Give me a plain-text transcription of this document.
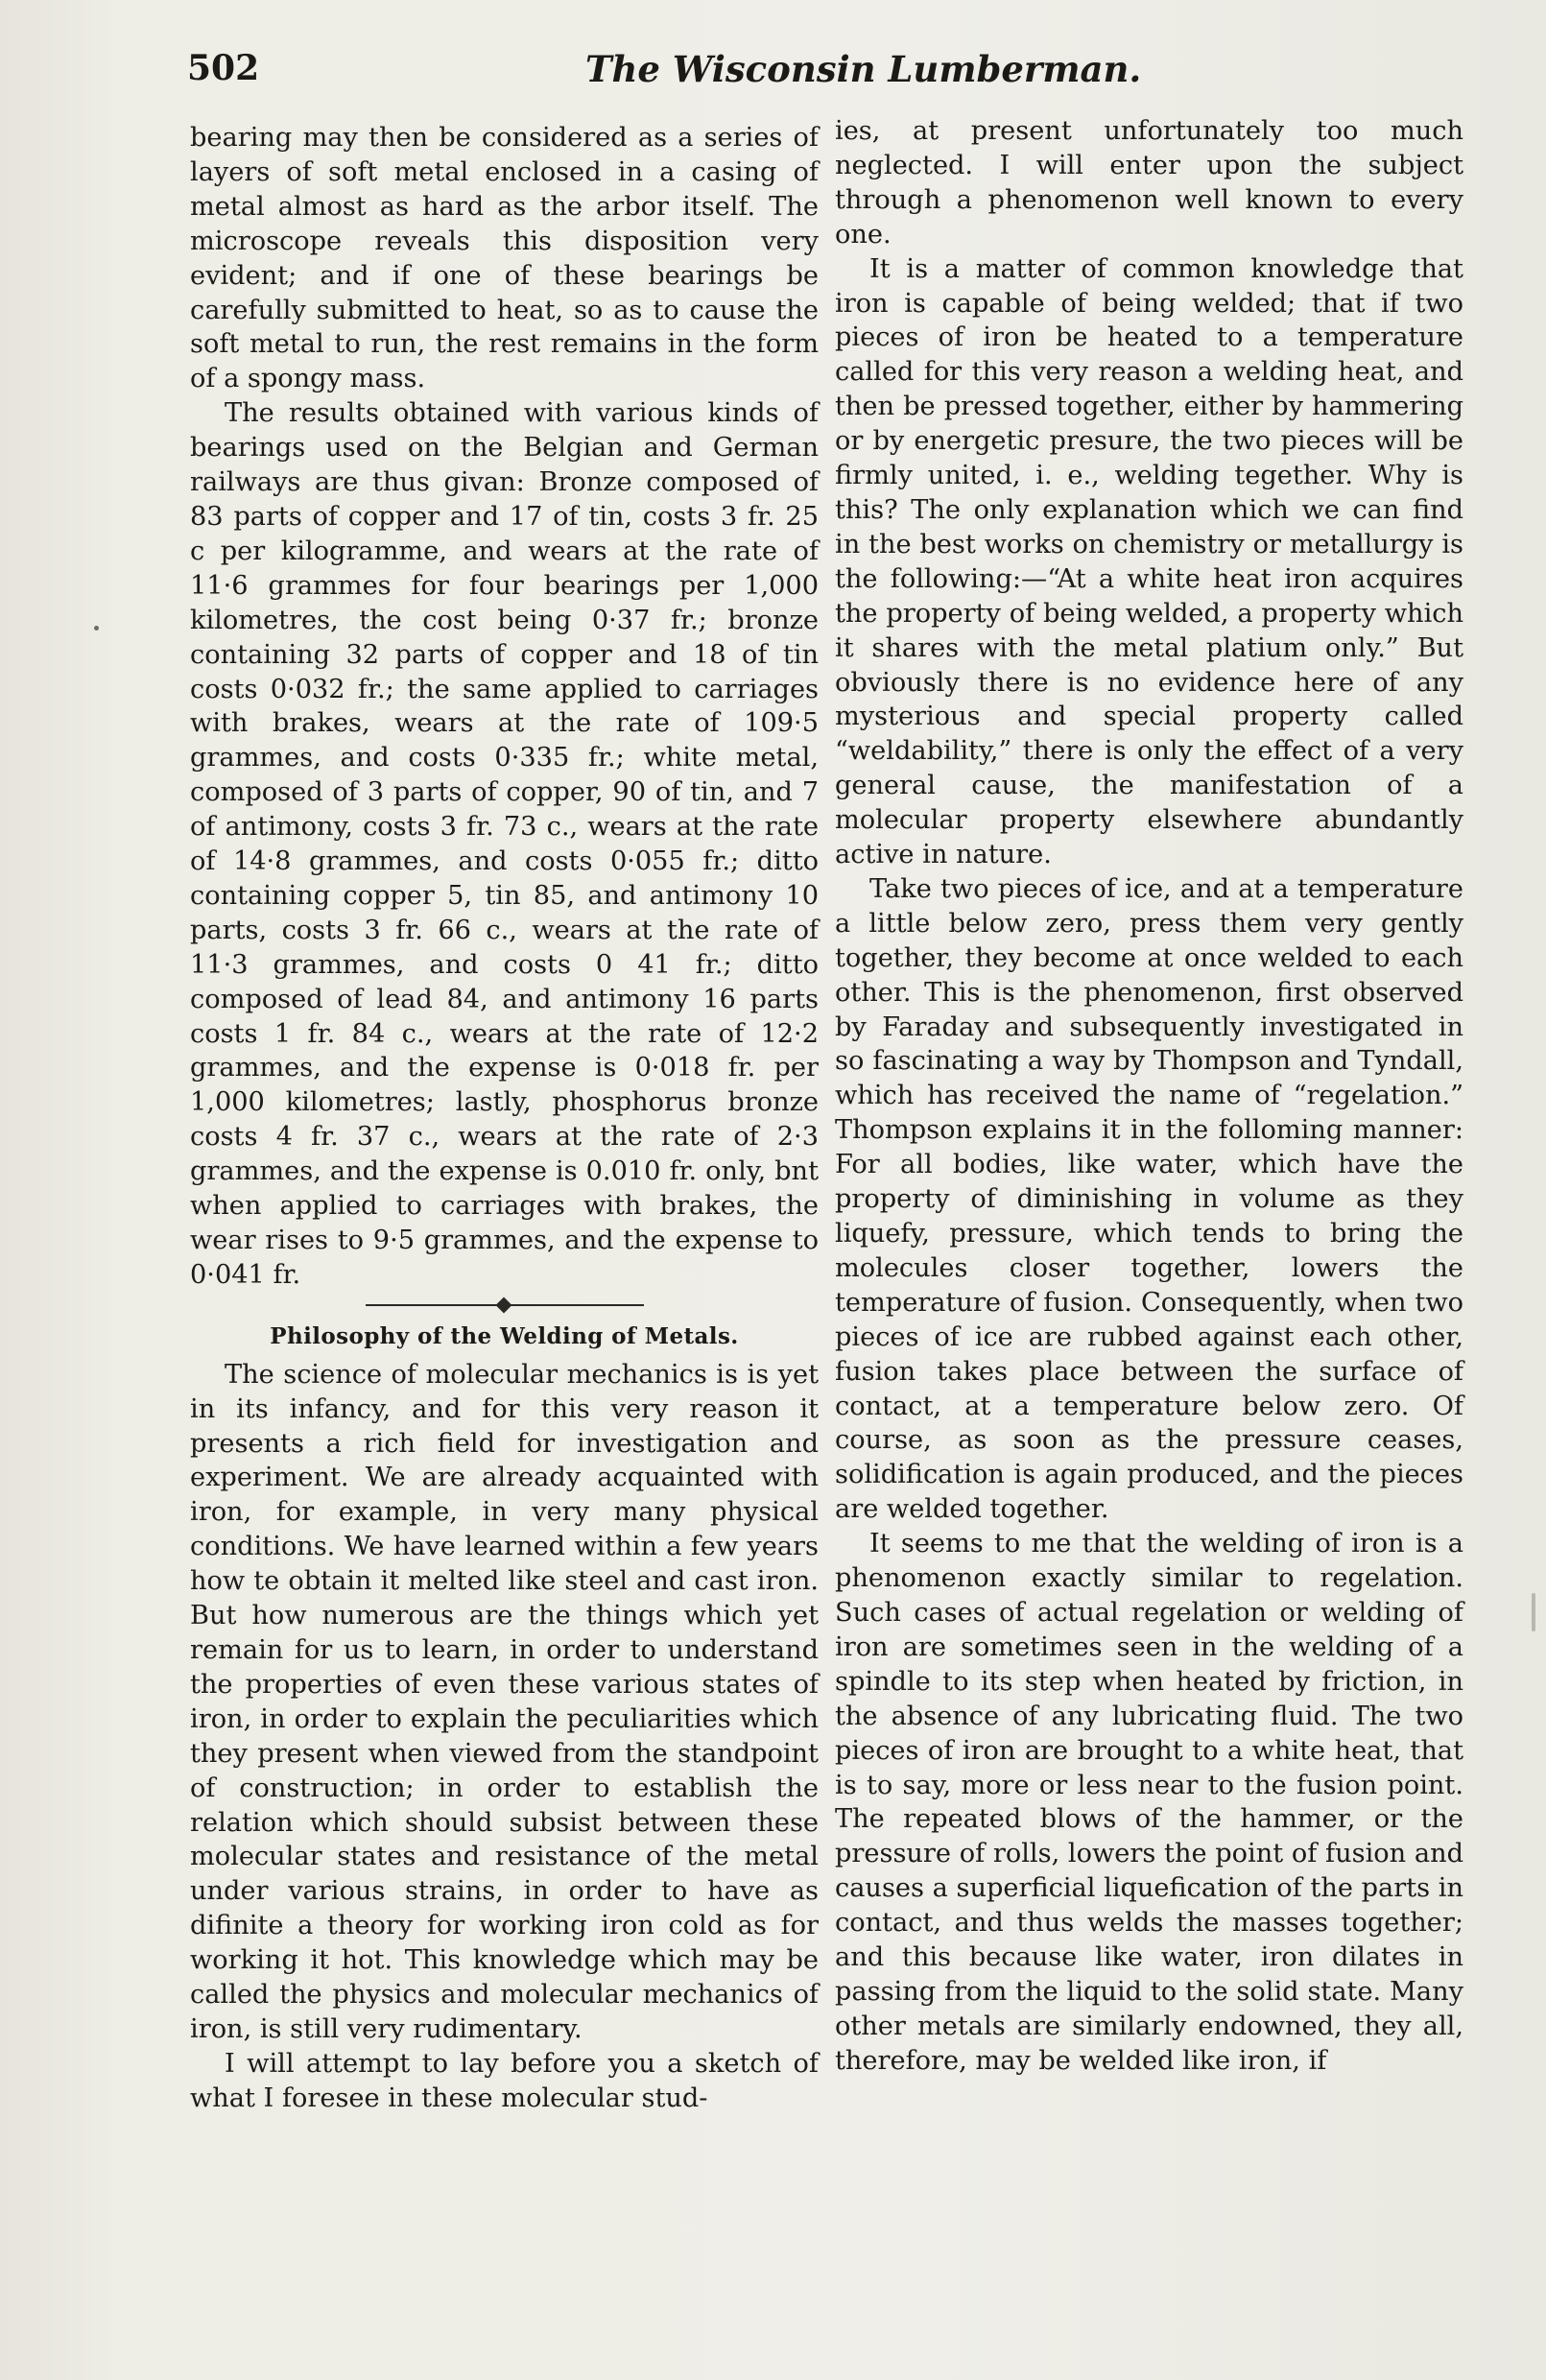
502	The Wisconsin Lumberman.

bearing may then be considered as a series of layers of soft metal enclosed in a casing of metal almost as hard as the arbor itself. The microscope reveals this disposition very evident; and if one of these bearings be carefully submitted to heat, so as to cause the soft metal to run, the rest remains in the form of a spongy mass.

The results obtained with various kinds of bearings used on the Belgian and German railways are thus givan: Bronze composed of 83 parts of copper and 17 of tin, costs 3 fr. 25 c per kilogramme, and wears at the rate of 11·6 grammes for four bearings per 1,000 kilometres, the cost being 0·37 fr.; bronze containing 32 parts of copper and 18 of tin costs 0·032 fr.; the same applied to carriages with brakes, wears at the rate of 109·5 grammes, and costs 0·335 fr.; white metal, composed of 3 parts of copper, 90 of tin, and 7 of antimony, costs 3 fr. 73 c., wears at the rate of 14·8 grammes, and costs 0·055 fr.; ditto containing copper 5, tin 85, and antimony 10 parts, costs 3 fr. 66 c., wears at the rate of 11·3 grammes, and costs 0 41 fr.; ditto composed of lead 84, and antimony 16 parts costs 1 fr. 84 c., wears at the rate of 12·2 grammes, and the expense is 0·018 fr. per 1,000 kilometres; lastly, phosphorus bronze costs 4 fr. 37 c., wears at the rate of 2·3 grammes, and the expense is 0.010 fr. only, bnt when applied to carriages with brakes, the wear rises to 9·5 grammes, and the expense to 0·041 fr.

Philosophy of the Welding of Metals.

The science of molecular mechanics is is yet in its infancy, and for this very reason it presents a rich field for investigation and experiment. We are already acquainted with iron, for example, in very many physical conditions. We have learned within a few years how te obtain it melted like steel and cast iron. But how numerous are the things which yet remain for us to learn, in order to understand the properties of even these various states of iron, in order to explain the peculiarities which they present when viewed from the standpoint of construction; in order to establish the relation which should subsist between these molecular states and resistance of the metal under various strains, in order to have as difinite a theory for working iron cold as for working it hot. This knowledge which may be called the physics and molecular mechanics of iron, is still very rudimentary.

I will attempt to lay before you a sketch of what I foresee in these molecular stud-

ies, at present unfortunately too much neglected. I will enter upon the subject through a phenomenon well known to every one.

It is a matter of common knowledge that iron is capable of being welded; that if two pieces of iron be heated to a temperature called for this very reason a welding heat, and then be pressed together, either by hammering or by energetic presure, the two pieces will be firmly united, i. e., welding tegether. Why is this? The only explanation which we can find in the best works on chemistry or metallurgy is the following:—“At a white heat iron acquires the property of being welded, a property which it shares with the metal platium only.” But obviously there is no evidence here of any mysterious and special property called “weldability,” there is only the effect of a very general cause, the manifestation of a molecular property elsewhere abundantly active in nature.

Take two pieces of ice, and at a temperature a little below zero, press them very gently together, they become at once welded to each other. This is the phenomenon, first observed by Faraday and subsequently investigated in so fascinating a way by Thompson and Tyndall, which has received the name of “regelation.” Thompson explains it in the folloming manner: For all bodies, like water, which have the property of diminishing in volume as they liquefy, pressure, which tends to bring the molecules closer together, lowers the temperature of fusion. Consequently, when two pieces of ice are rubbed against each other, fusion takes place between the surface of contact, at a temperature below zero. Of course, as soon as the pressure ceases, solidification is again produced, and the pieces are welded together.

It seems to me that the welding of iron is a phenomenon exactly similar to regelation. Such cases of actual regelation or welding of iron are sometimes seen in the welding of a spindle to its step when heated by friction, in the absence of any lubricating fluid. The two pieces of iron are brought to a white heat, that is to say, more or less near to the fusion point. The repeated blows of the hammer, or the pressure of rolls, lowers the point of fusion and causes a superficial liquefication of the parts in contact, and thus welds the masses together; and this because like water, iron dilates in passing from the liquid to the solid state. Many other metals are similarly endowned, they all, therefore, may be welded like iron, if
